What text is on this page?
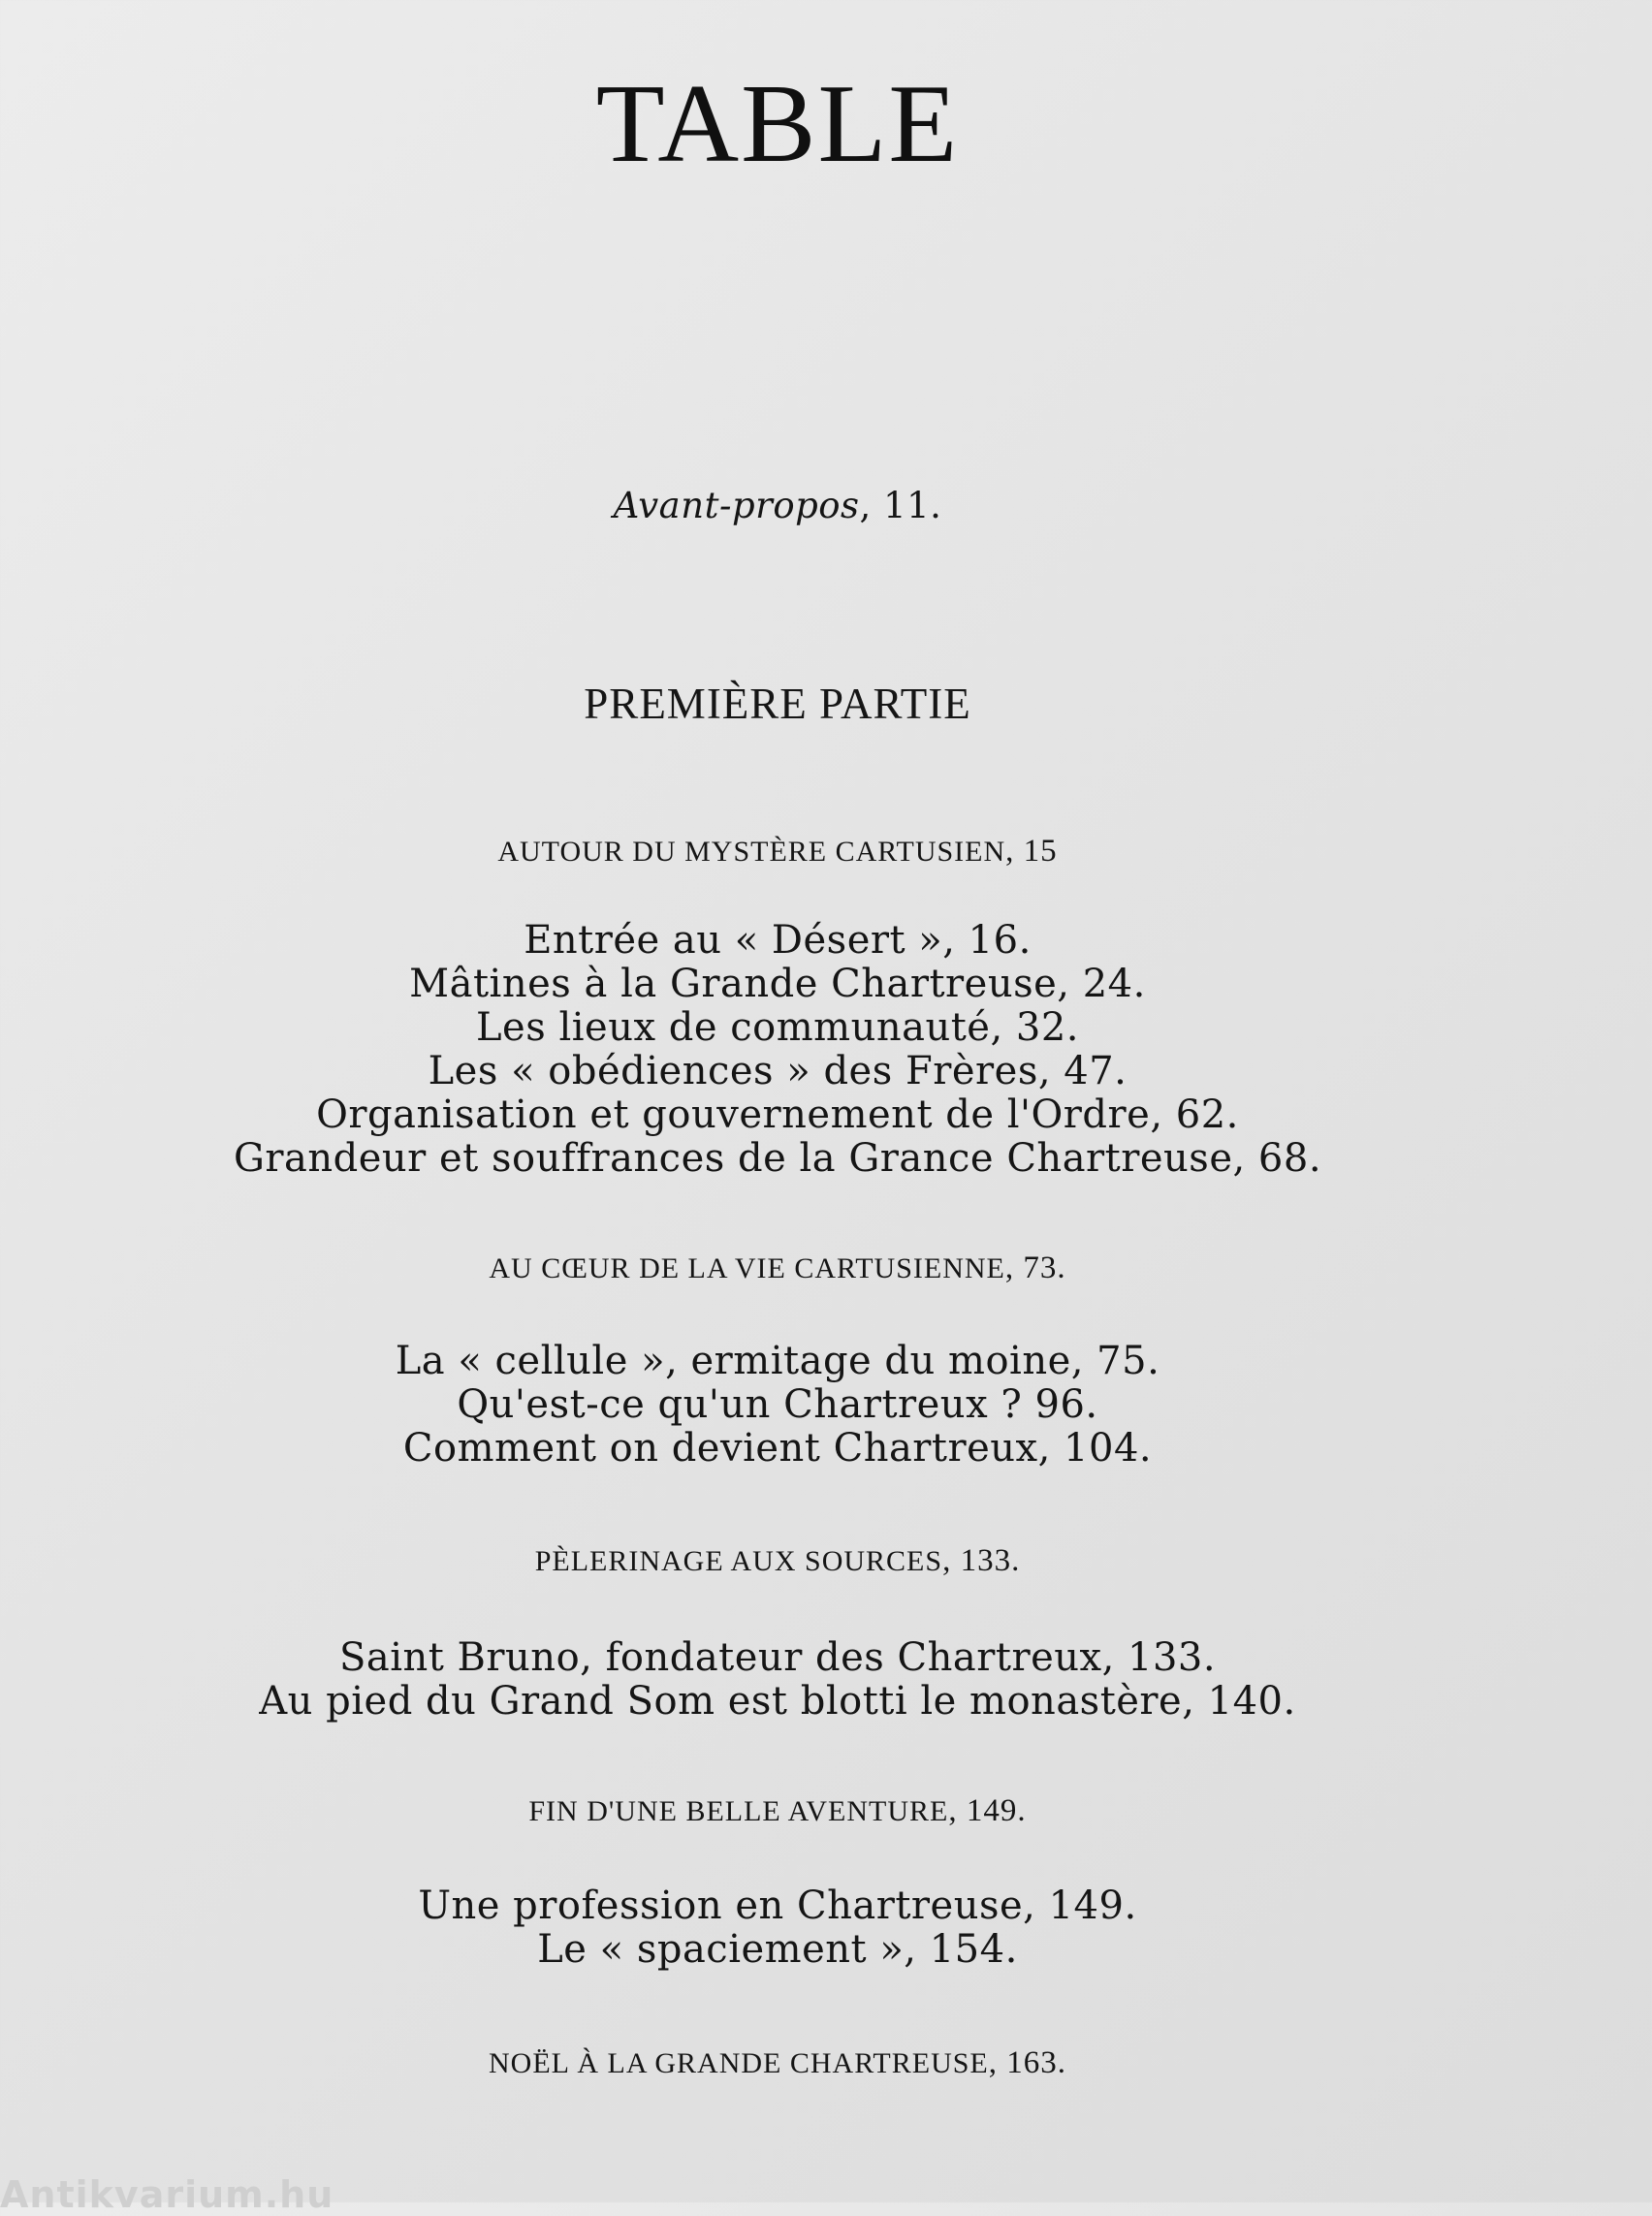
TABLE
Avant-propos, 11.
PREMIÈRE PARTIE
AUTOUR DU MYSTÈRE CARTUSIEN, 15
Entrée au « Désert », 16.
Mâtines à la Grande Chartreuse, 24.
Les lieux de communauté, 32.
Les « obédiences » des Frères, 47.
Organisation et gouvernement de l'Ordre, 62.
Grandeur et souffrances de la Grance Chartreuse, 68.
AU CŒUR DE LA VIE CARTUSIENNE, 73.
La « cellule », ermitage du moine, 75.
Qu'est-ce qu'un Chartreux ? 96.
Comment on devient Chartreux, 104.
PÈLERINAGE AUX SOURCES, 133.
Saint Bruno, fondateur des Chartreux, 133.
Au pied du Grand Som est blotti le monastère, 140.
FIN D'UNE BELLE AVENTURE, 149.
Une profession en Chartreuse, 149.
Le « spaciement », 154.
NOËL À LA GRANDE CHARTREUSE, 163.
Antikvarium.hu
